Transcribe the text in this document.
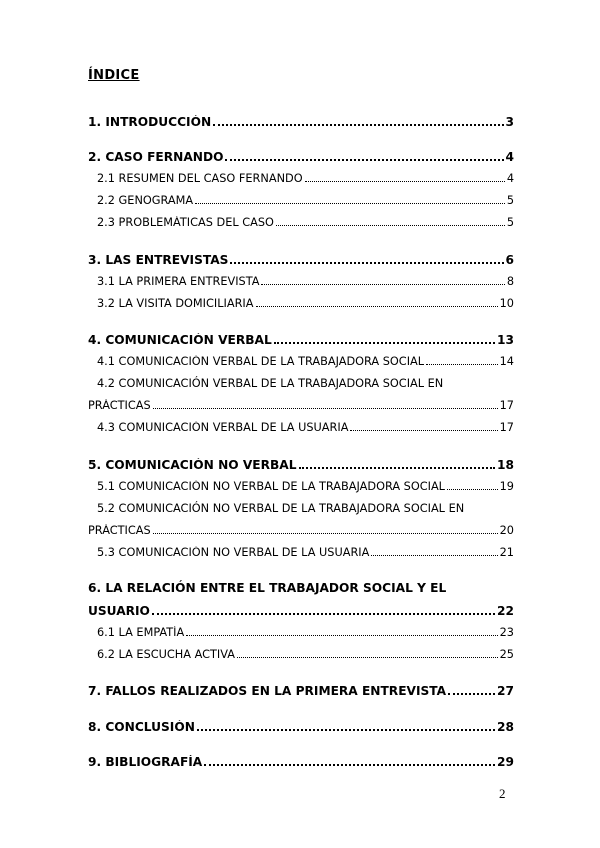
ÍNDICE
1. INTRODUCCIÓN	3
2. CASO FERNANDO	4
2.1 RESUMEN DEL CASO FERNANDO	4
2.2 GENOGRAMA	5
2.3 PROBLEMÁTICAS DEL CASO	5
3. LAS ENTREVISTAS	6
3.1 LA PRIMERA ENTREVISTA	8
3.2 LA VISITA DOMICILIARIA	10
4. COMUNICACIÓN VERBAL	13
4.1 COMUNICACIÓN VERBAL DE LA TRABAJADORA SOCIAL	14
4.2 COMUNICACIÓN VERBAL DE LA TRABAJADORA SOCIAL EN
PRÁCTICAS	17
4.3 COMUNICACIÓN VERBAL DE LA USUARIA	17
5. COMUNICACIÓN NO VERBAL	18
5.1 COMUNICACIÓN NO VERBAL DE LA TRABAJADORA SOCIAL	19
5.2 COMUNICACIÓN NO VERBAL DE LA TRABAJADORA SOCIAL EN
PRÁCTICAS	20
5.3 COMUNICACIÓN NO VERBAL DE LA USUARIA	21
6. LA RELACIÓN ENTRE EL TRABAJADOR SOCIAL Y EL
USUARIO	22
6.1 LA EMPATÍA	23
6.2 LA ESCUCHA ACTIVA	25
7. FALLOS REALIZADOS EN LA PRIMERA ENTREVISTA	27
8. CONCLUSIÓN	28
9. BIBLIOGRAFÍA	29
2
